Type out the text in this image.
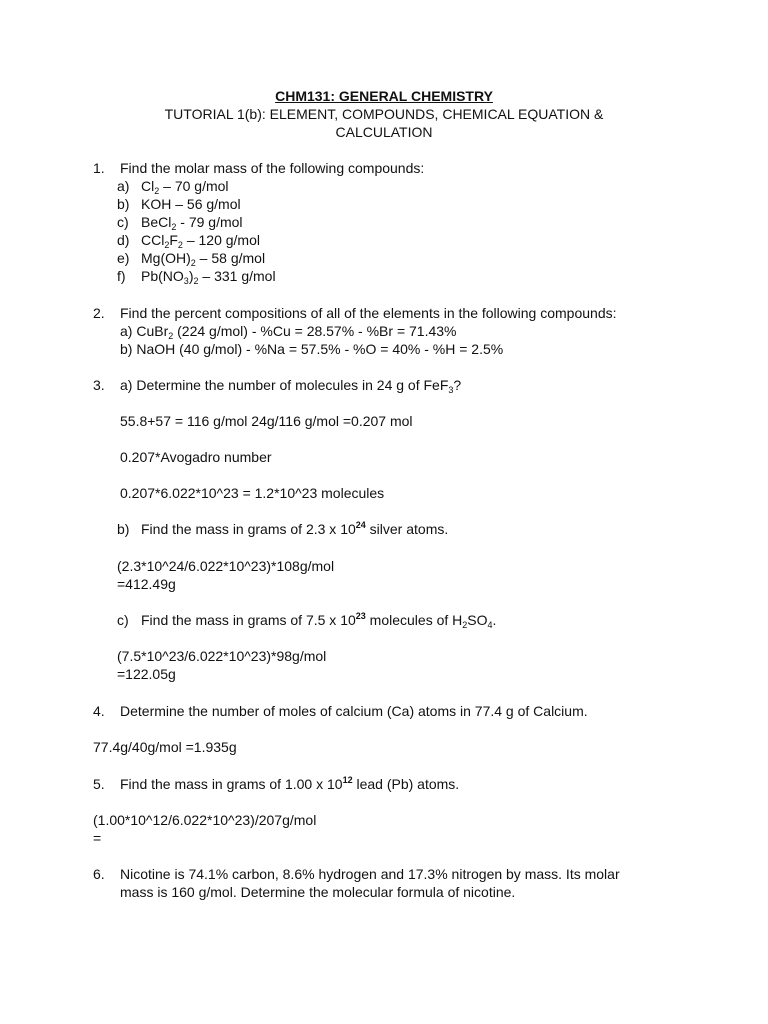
CHM131: GENERAL CHEMISTRY
TUTORIAL 1(b): ELEMENT, COMPOUNDS, CHEMICAL EQUATION &
CALCULATION
1. Find the molar mass of the following compounds:
a) $Cl_2 - 70$ g/mol
b) KOH – 56 g/mol
c) BeCl$_2$ - 79 g/mol
d) $CCl_2F_2 - 120$ g/mol
e) $Mg(OH)_2 - 58$ g/mol
f) $Pb(NO_3)_2 - 331$ g/mol
2. Find the percent compositions of all of the elements in the following compounds:
a) CuBr$_2$ (224 g/mol) - %Cu = 28.57% - %Br = 71.43%
b) NaOH (40 g/mol) - %Na = 57.5% - %O = 40% - %H = 2.5%
3. a) Determine the number of molecules in 24 g of FeF$_3$?
55.8+57 = 116 g/mol 24g/116 g/mol =0.207 mol
0.207*Avogadro number
0.207*6.022*10^23 = 1.2*10^23 molecules
b) Find the mass in grams of 2.3 x $10^{24}$ silver atoms.
(2.3*10^24/6.022*10^23)*108g/mol
=412.49g
c) Find the mass in grams of 7.5 x $10^{23}$ molecules of $H_2SO_4$.
(7.5*10^23/6.022*10^23)*98g/mol
=122.05g
4. Determine the number of moles of calcium (Ca) atoms in 77.4 g of Calcium.
77.4g/40g/mol =1.935g
5. Find the mass in grams of 1.00 x $10^{12}$ lead (Pb) atoms.
(1.00*10^12/6.022*10^23)/207g/mol
=
6. Nicotine is 74.1% carbon, 8.6% hydrogen and 17.3% nitrogen by mass. Its molar
mass is 160 g/mol. Determine the molecular formula of nicotine.
